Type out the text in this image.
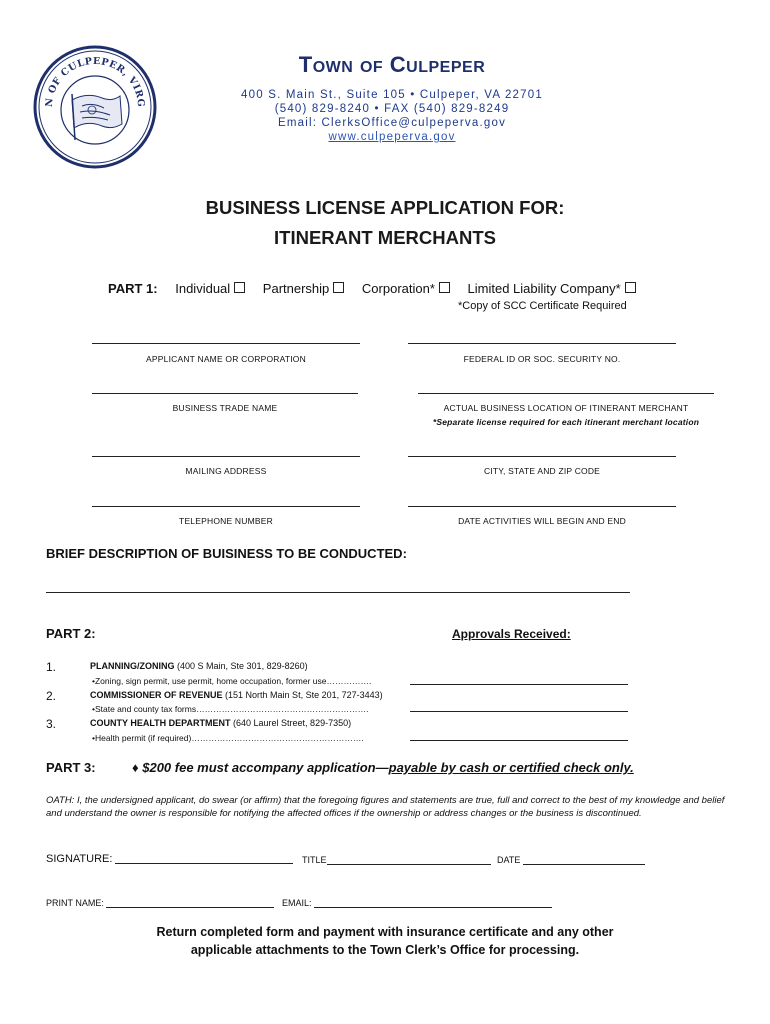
N OF CULPEPER, VIRG
TOWN OF CULPEPER
400 S. Main St., Suite 105 • Culpeper, VA 22701
(540) 829-8240 • FAX (540) 829-8249
Email: ClerksOffice@culpeperva.gov
www.culpeperva.gov
BUSINESS LICENSE APPLICATION FOR:
ITINERANT MERCHANTS
PART 1: Individual	Partnership	Corporation*	Limited Liability Company*
*Copy of SCC Certificate Required
APPLICANT NAME OR CORPORATION	FEDERAL ID OR SOC. SECURITY NO.
BUSINESS TRADE NAME	ACTUAL BUSINESS LOCATION OF ITINERANT MERCHANT
*Separate license required for each itinerant merchant location
MAILING ADDRESS	CITY, STATE AND ZIP CODE
TELEPHONE NUMBER	DATE ACTIVITIES WILL BEGIN AND END
BRIEF DESCRIPTION OF BUISINESS TO BE CONDUCTED:
PART 2:	Approvals Received:
1.	PLANNING/ZONING (400 S Main, Ste 301, 829-8260)
•Zoning, sign permit, use permit, home occupation, former use…………….
2.	COMMISSIONER OF REVENUE (151 North Main St, Ste 201, 727-3443)
•State and county tax forms…………………………………………………….
3.	COUNTY HEALTH DEPARTMENT (640 Laurel Street, 829-7350)
•Health permit (if required)…………………………………………………….
PART 3:	♦ $200 fee must accompany application—payable by cash or certified check only.
OATH: I, the undersigned applicant, do swear (or affirm) that the foregoing figures and statements are true, full and correct to the best of my knowledge and belief and understand the owner is responsible for notifying the affected offices if the ownership or address changes or the business is discontinued.
SIGNATURE:	TITLE	DATE
PRINT NAME:	EMAIL:
Return completed form and payment with insurance certificate and any other
applicable attachments to the Town Clerk’s Office for processing.
